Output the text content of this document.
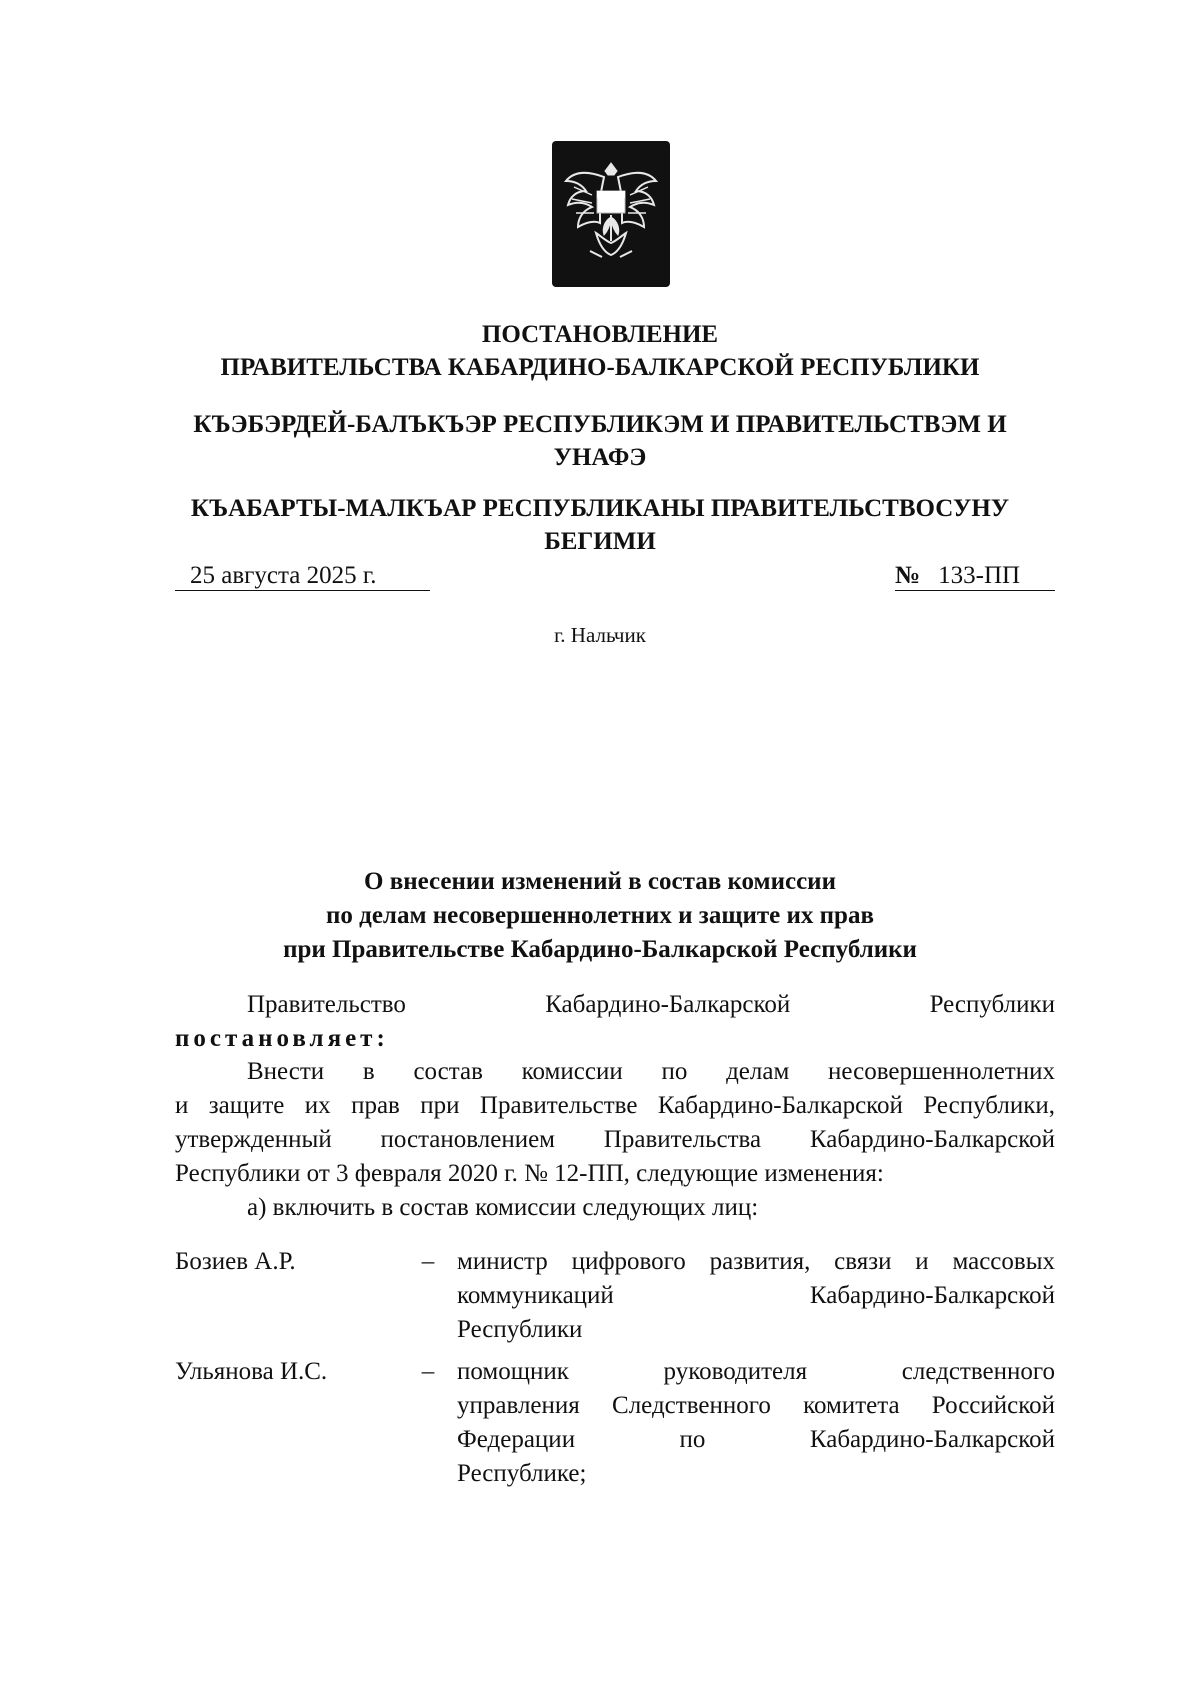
ПОСТАНОВЛЕНИЕ
ПРАВИТЕЛЬСТВА КАБАРДИНО-БАЛКАРСКОЙ РЕСПУБЛИКИ
КЪЭБЭРДЕЙ-БАЛЪКЪЭР РЕСПУБЛИКЭМ И ПРАВИТЕЛЬСТВЭМ И
УНАФЭ
КЪАБАРТЫ-МАЛКЪАР РЕСПУБЛИКАНЫ ПРАВИТЕЛЬСТВОСУНУ
БЕГИМИ
25 августа 2025 г.	№ 133-ПП
г. Нальчик
О внесении изменений в состав комиссии
по делам несовершеннолетних и защите их прав
при Правительстве Кабардино-Балкарской Республики
Правительство	Кабардино-Балкарской	Республики
постановляет:
Внести в состав комиссии по делам несовершеннолетних
и защите их прав при Правительстве Кабардино-Балкарской Республики,
утвержденный постановлением Правительства Кабардино-Балкарской
Республики от 3 февраля 2020 г. № 12-ПП, следующие изменения:
а) включить в состав комиссии следующих лиц:
Бозиев А.Р.	– министр цифрового развития, связи и массовых
коммуникаций Кабардино-Балкарской
Республики
Ульянова И.С.	– помощник руководителя следственного
управления Следственного комитета Российской
Федерации по Кабардино-Балкарской
Республике;
